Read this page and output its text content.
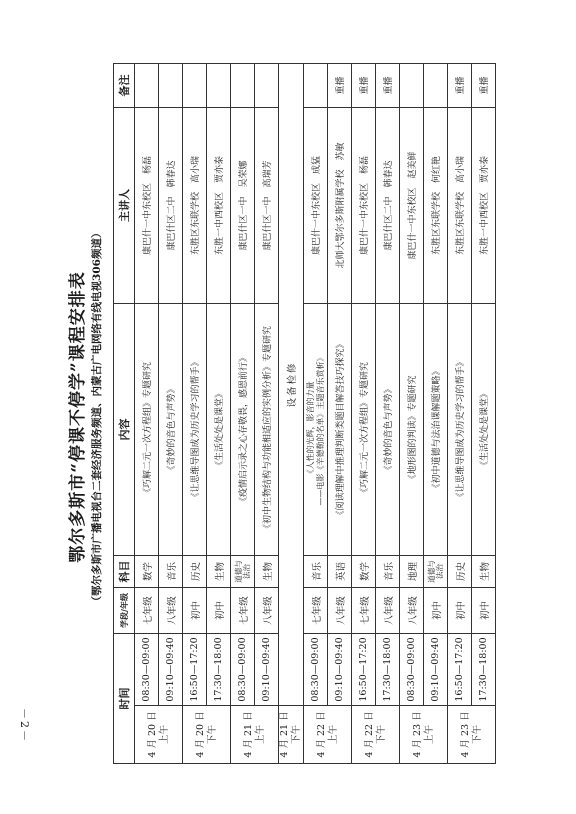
－2－
鄂尔多斯市“停课不停学”课程安排表 （鄂尔多斯市广播电视台二套经济服务频道、内蒙古广电网络有线电视306频道）
时间		学段/年级	科目	内容	主讲人	备注
4 月 20 日
上午	08:30—09:00	七年级	数学	《巧解二元一次方程组》专题研究	康巴什一中东校区　杨磊	
	09:10—09:40	八年级	音乐	《奇妙的音色与声势》	康巴什区二中　韩春达	
4 月 20 日
下午	16:50—17:20	初中	历史	《让思维导图成为历史学习的帮手》	东胜区东联学校　高小瑞	
	17:30—18:00	初中	生物	《生活处处是课堂》	东胜一中西校区　贾亦泰	
4 月 21 日
上午	08:30—09:00	七年级	道德与法治	《疫情启示录之心存敬畏，感恩前行》	康巴什区一中　吴荣娜	
	09:10—09:40	八年级	生物	《初中生物结构与功能相适应的实例分析》专题研究	康巴什区一中　高瑞芳	
4 月 21 日
下午	设备检修					
4 月 22 日
上午	08:30—09:00	七年级	音乐	《人性的光辉，影音的力量
——电影《辛德勒的名单》主题音乐赏析》	康巴什一中东校区　成猛	
	09:10—09:40	八年级	英语	《阅读理解中推理判断类题目解答技巧探究》	北师大鄂尔多斯附属学校　苏敏	重播
4 月 22 日
下午	16:50—17:20	七年级	数学	《巧解二元一次方程组》专题研究	康巴什一中东校区　杨磊	重播
	17:30—18:00	八年级	音乐	《奇妙的音色与声势》	康巴什区二中　韩春达	重播
4 月 23 日
上午	08:30—09:00	八年级	地理	《地形图的判读》专题研究	康巴什一中东校区　赵美鲜	
	09:10—09:40	初中	道德与法治	《初中道德与法治课解题策略》	东胜区东联学校　何红艳	
4 月 23 日
下午	16:50—17:20	初中	历史	《让思维导图成为历史学习的帮手》	东胜区东联学校　高小瑞	重播
	17:30—18:00	初中	生物	《生活处处是课堂》	东胜一中西校区　贾亦泰	重播
